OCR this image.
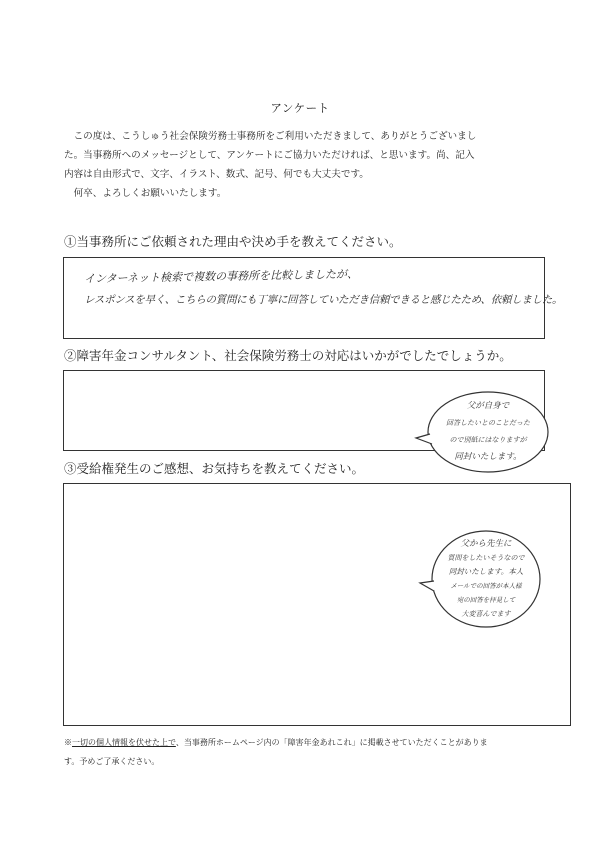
アンケート

この度は、こうしゅう社会保険労務士事務所をご利用いただきまして、ありがとうございまし

た。当事務所へのメッセージとして、アンケートにご協力いただければ、と思います。尚、記入

内容は自由形式で、文字、イラスト、数式、記号、何でも大丈夫です。

何卒、よろしくお願いいたします。

①当事務所にご依頼された理由や決め手を教えてください。
インターネット検索で複数の事務所を比較しましたが、
レスポンスを早く、こちらの質問にも丁寧に回答していただき信頼できると感じたため、依頼しました。
②障害年金コンサルタント、社会保険労務士の対応はいかがでしたでしょうか。
父が自身で
回答したいとのことだった
ので別紙にはなりますが
同封いたします。
③受給権発生のご感想、お気持ちを教えてください。
父から先生に
質問をしたいそうなので
同封いたします。本人
メールでの回答が本人様
宛の回答を拝見して
大変喜んでます

※一切の個人情報を伏せた上で、当事務所ホームページ内の「障害年金あれこれ」に掲載させていただくことがありま

す。予めご了承ください。
